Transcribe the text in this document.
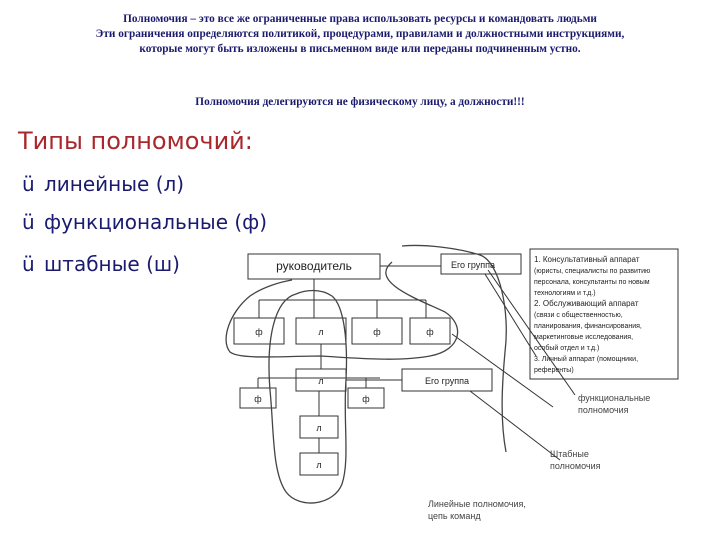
Полномочия – это все же ограниченные права использовать ресурсы и командовать людьми
Эти ограничения определяются политикой, процедурами, правилами и должностными инструкциями,
которые могут быть изложены в письменном виде или переданы подчиненным устно.
Полномочия делегируются не физическому лицу, а должности!!!
Типы полномочий:
ü линейные (л)
ü функциональные (ф)
ü штабные (ш)	руководитель	Его группа
ф	л	ф	ф
л	Его группа
ф	ф
л
л
1. Консультативный аппарат
(юристы, специалисты по развитию
персонала, консультанты по новым
технологиям и т.д.)
2. Обслуживающий аппарат
(связи с общественностью,
планирования, финансирования,
маркетинговые исследования,
особый отдел и т.д.)
3. Личный аппарат (помощники,
референты)
функциональные
полномочия
Штабные
полномочия
Линейные полномочия,
цепь команд
